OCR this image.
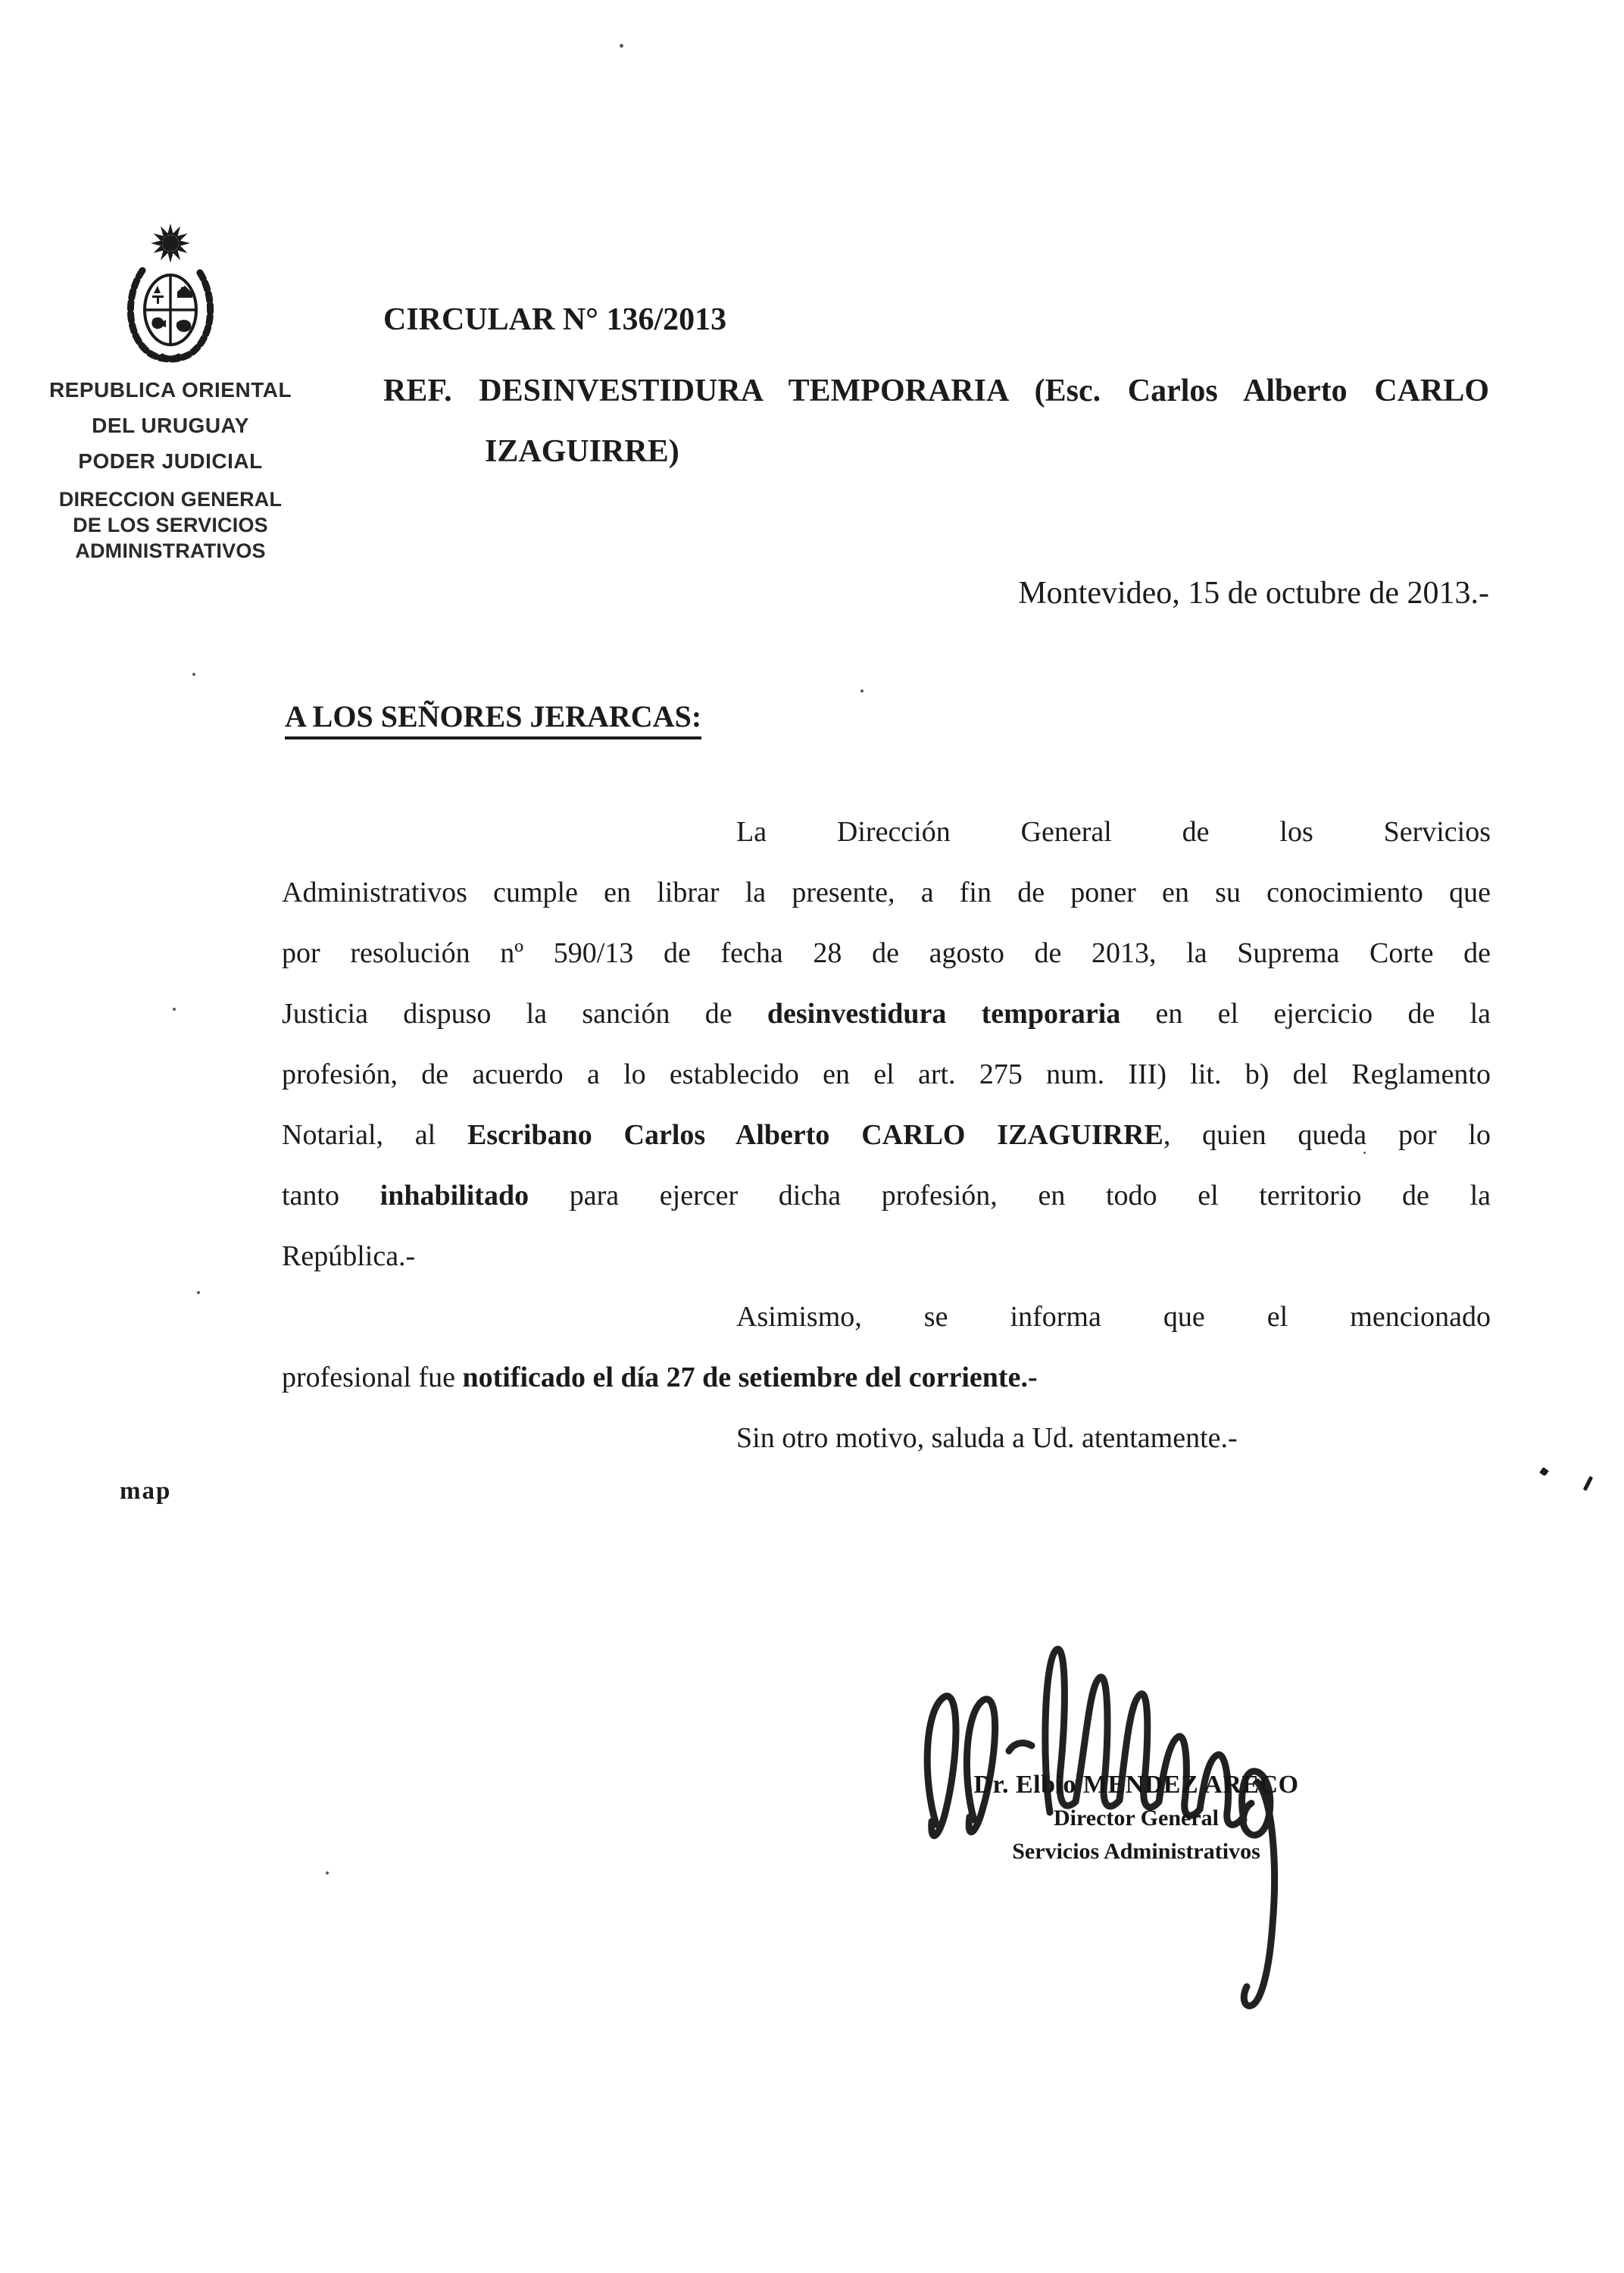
REPUBLICA ORIENTAL
DEL URUGUAY
PODER JUDICIAL
DIRECCION GENERAL
DE LOS SERVICIOS
ADMINISTRATIVOS
CIRCULAR N° 136/2013
REF. DESINVESTIDURA TEMPORARIA (Esc. Carlos Alberto CARLO
IZAGUIRRE)
Montevideo, 15 de octubre de 2013.-
A LOS SEÑORES JERARCAS:
La Dirección General de los Servicios
Administrativos cumple en librar la presente, a fin de poner en su conocimiento que
por resolución nº 590/13 de fecha 28 de agosto de 2013, la Suprema Corte de
Justicia dispuso la sanción de desinvestidura temporaria en el ejercicio de la
profesión, de acuerdo a lo establecido en el art. 275 num. III) lit. b) del Reglamento
Notarial, al Escribano Carlos Alberto CARLO IZAGUIRRE, quien queda por lo
tanto inhabilitado para ejercer dicha profesión, en todo el territorio de la
República.-
Asimismo, se informa que el mencionado
profesional fue notificado el día 27 de setiembre del corriente.-
Sin otro motivo, saluda a Ud. atentamente.-
map
Dr. Elbio MENDEZ ARECO
Director General
Servicios Administrativos
